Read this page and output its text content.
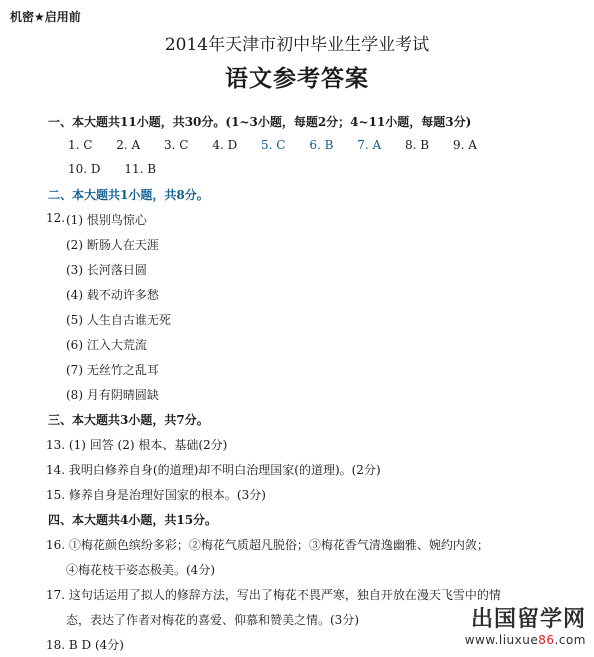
机密★启用前
2014年天津市初中毕业生学业考试
语文参考答案
一、本大题共11小题，共30分。(1~3小题，每题2分；4~11小题，每题3分)
1. C 2. A 3. C 4. D 5. C 6. B 7. A 8. B 9. A
10. D 11. B
二、本大题共1小题，共8分。
12. (1) 恨别鸟惊心
(2) 断肠人在天涯
(3) 长河落日圆
(4) 载不动许多愁
(5) 人生自古谁无死
(6) 江入大荒流
(7) 无丝竹之乱耳
(8) 月有阴晴圆缺
三、本大题共3小题，共7分。
13. (1) 回答 (2) 根本、基础(2分)
14. 我明白修养自身(的道理)却不明白治理国家(的道理)。(2分)
15. 修养自身是治理好国家的根本。(3分)
四、本大题共4小题，共15分。
16. ①梅花颜色缤纷多彩；②梅花气质超凡脱俗；③梅花香气清逸幽雅、婉约内敛；
④梅花枝干姿态极美。(4分)
17. 这句话运用了拟人的修辞方法，写出了梅花不畏严寒，独自开放在漫天飞雪中的情
态，表达了作者对梅花的喜爱、仰慕和赞美之情。(3分)
18. B D (4分)
出国留学网
www.liuxue86.com
